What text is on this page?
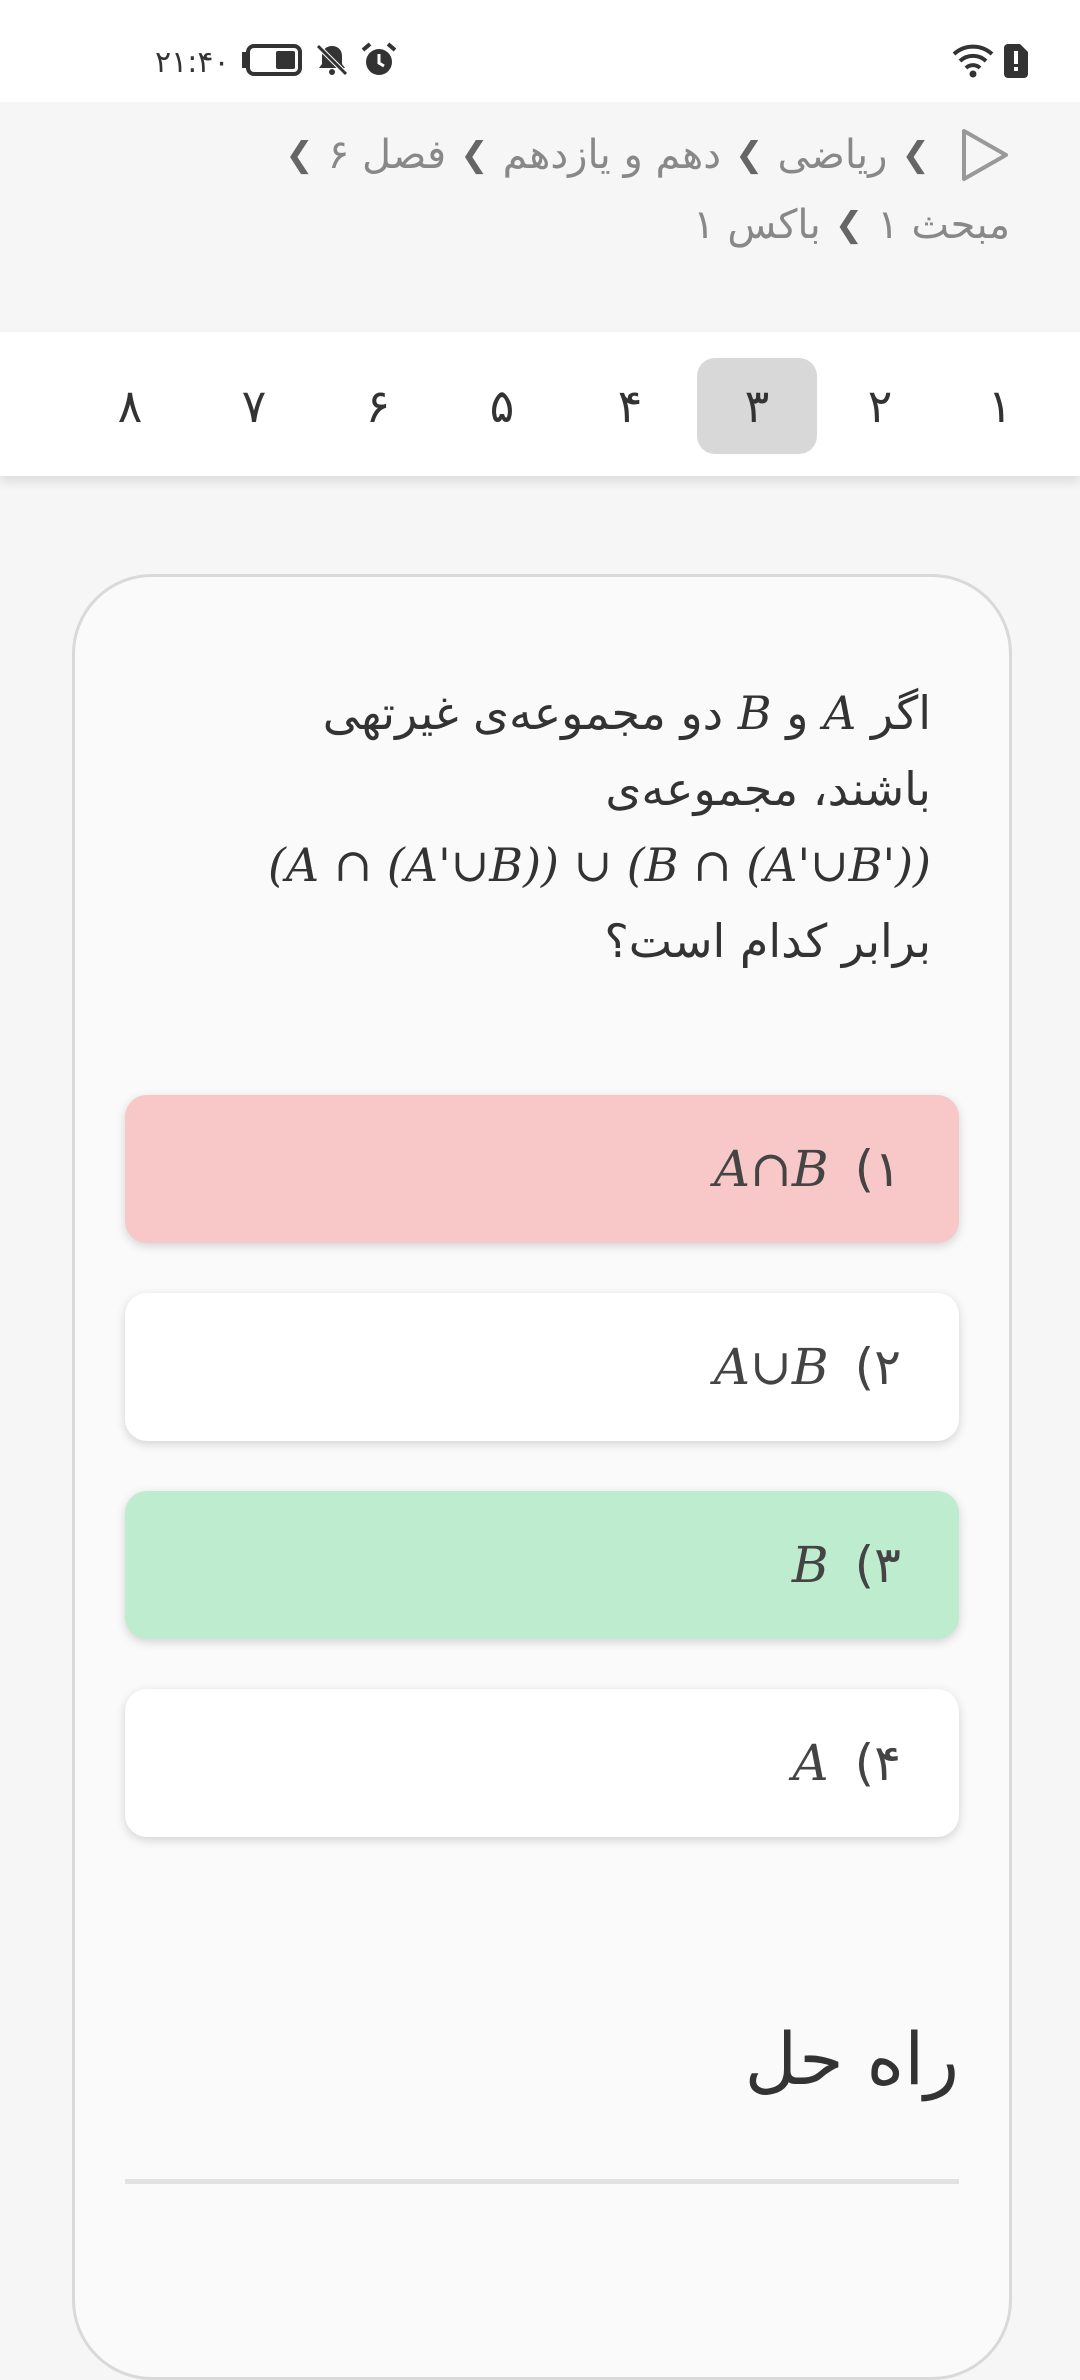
۲۱:۴۰
❯
ریاضی
❯
دهم و یازدهم
❯
فصل ۶
❯
مبحث ۱
❯
باکس ۱
۱
۲
۳
۴
۵
۶
۷
۸
اگر A و B دو مجموعه‌ی غیرتهی
باشند، مجموعه‌ی
(A ∩ (A'∪B)) ∪ (B ∩ (A'∪B'))
برابر کدام است؟
۱)
A∩B
۲)
A∪B
۳)
B
۴)
A
راه حل
